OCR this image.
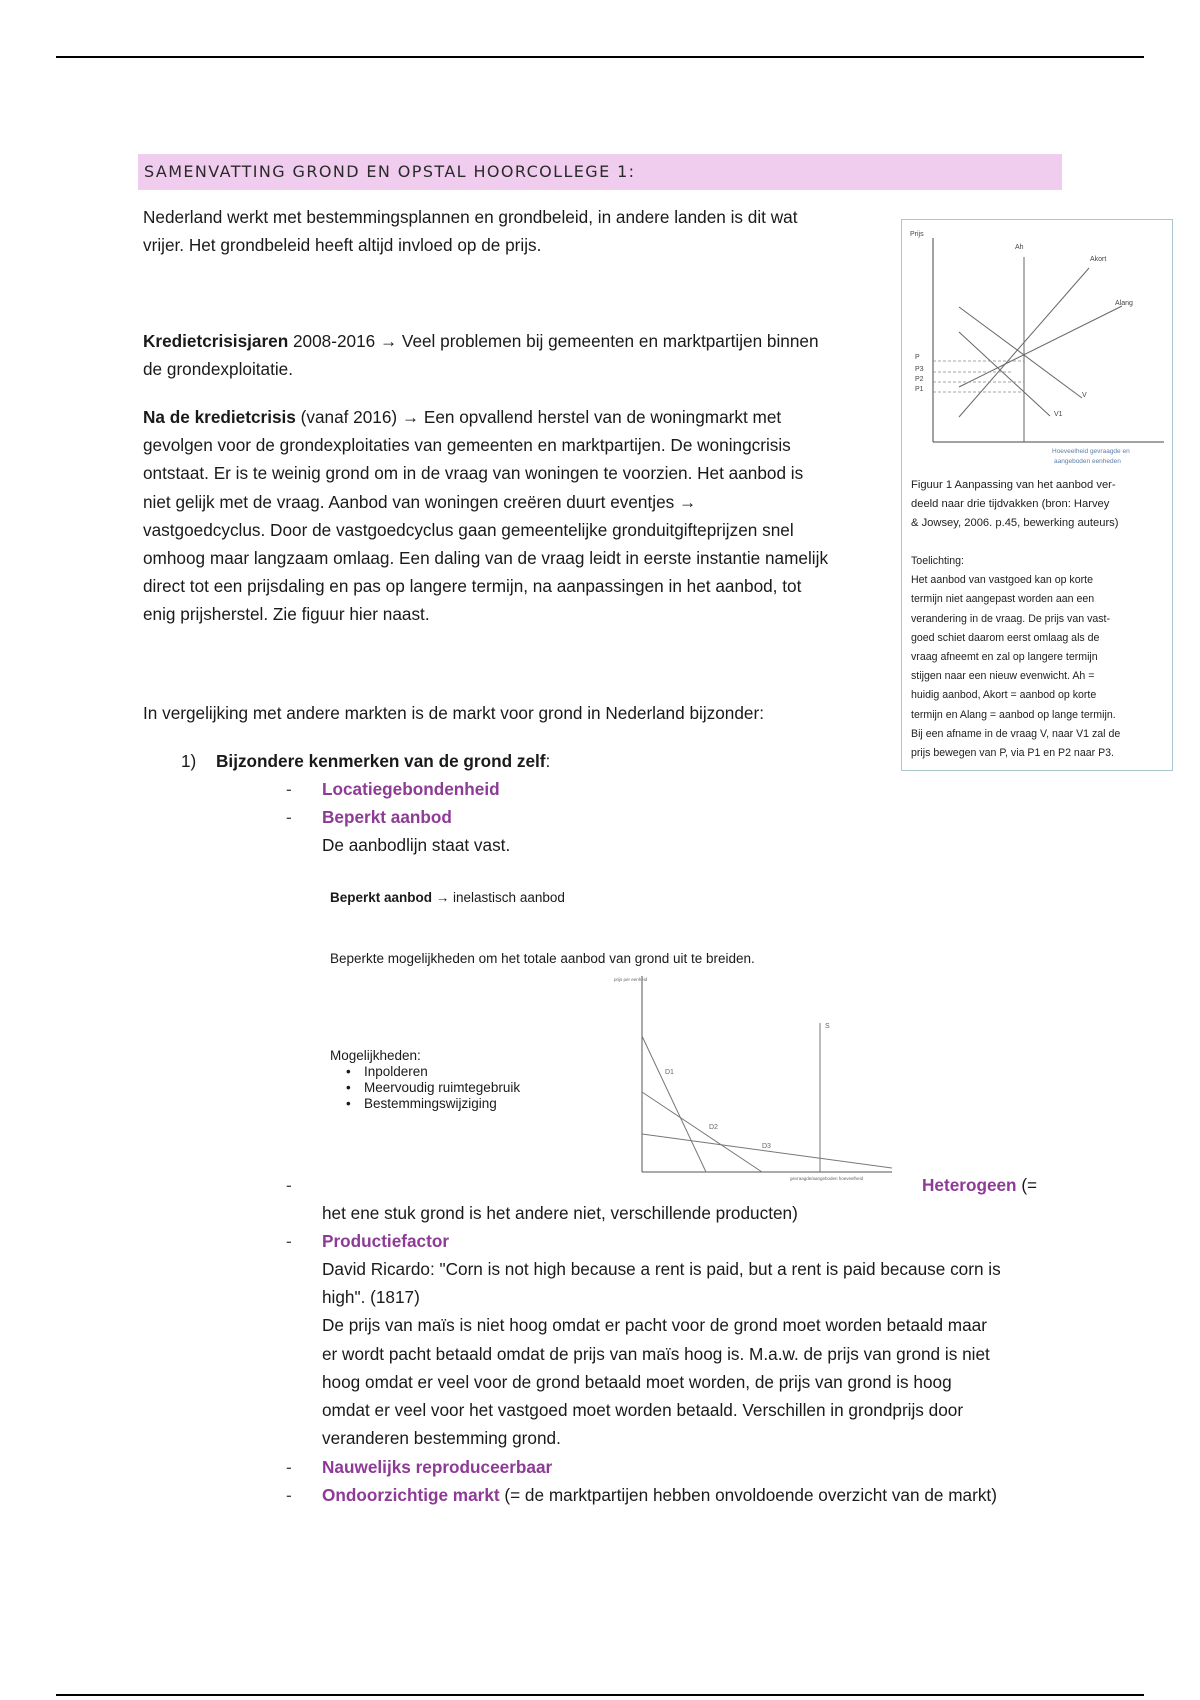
SAMENVATTING GROND EN OPSTAL HOORCOLLEGE 1:

Nederland werkt met bestemmingsplannen en grondbeleid, in andere landen is dit wat
vrijer. Het grondbeleid heeft altijd invloed op de prijs.

Kredietcrisisjaren 2008-2016 → Veel problemen bij gemeenten en marktpartijen binnen
de grondexploitatie.

Na de kredietcrisis (vanaf 2016) → Een opvallend herstel van de woningmarkt met
gevolgen voor de grondexploitaties van gemeenten en marktpartijen. De woningcrisis
ontstaat. Er is te weinig grond om in de vraag van woningen te voorzien. Het aanbod is
niet gelijk met de vraag. Aanbod van woningen creëren duurt eventjes →
vastgoedcyclus. Door de vastgoedcyclus gaan gemeentelijke gronduitgifteprijzen snel
omhoog maar langzaam omlaag. Een daling van de vraag leidt in eerste instantie namelijk
direct tot een prijsdaling en pas op langere termijn, na aanpassingen in het aanbod, tot
enig prijsherstel. Zie figuur hier naast.

In vergelijking met andere markten is de markt voor grond in Nederland bijzonder:

1) Bijzondere kenmerken van de grond zelf:
- Locatiegebondenheid
- Beperkt aanbod
De aanbodlijn staat vast.
Beperkt aanbod → inelastisch aanbod
Beperkte mogelijkheden om het totale aanbod van grond uit te breiden.
Mogelijkheden:
• Inpolderen
• Meervoudig ruimtegebruik
• Bestemmingswijziging
prijs per eenheid
gevraagde/aangeboden hoeveelheid
S
D1
D2
D3
-	Heterogeen (=
het ene stuk grond is het andere niet, verschillende producten)
- Productiefactor

David Ricardo: "Corn is not high because a rent is paid, but a rent is paid because corn is
high". (1817)
De prijs van maïs is niet hoog omdat er pacht voor de grond moet worden betaald maar
er wordt pacht betaald omdat de prijs van maïs hoog is. M.a.w. de prijs van grond is niet
hoog omdat er veel voor de grond betaald moet worden, de prijs van grond is hoog
omdat er veel voor het vastgoed moet worden betaald. Verschillen in grondprijs door
veranderen bestemming grond.

- Nauwelijks reproduceerbaar
- Ondoorzichtige markt (= de marktpartijen hebben onvoldoende overzicht van de markt)
Prijs
Ah
Akort
Alang
V
V1
P
P3
P2
P1
Hoeveelheid gevraagde en
aangeboden eenheden

Figuur 1 Aanpassing van het aanbod ver-
deeld naar drie tijdvakken (bron: Harvey
& Jowsey, 2006. p.45, bewerking auteurs)

Toelichting:
Het aanbod van vastgoed kan op korte
termijn niet aangepast worden aan een
verandering in de vraag. De prijs van vast-
goed schiet daarom eerst omlaag als de
vraag afneemt en zal op langere termijn
stijgen naar een nieuw evenwicht. Ah =
huidig aanbod, Akort = aanbod op korte
termijn en Alang = aanbod op lange termijn.
Bij een afname in de vraag V, naar V1 zal de
prijs bewegen van P, via P1 en P2 naar P3.
